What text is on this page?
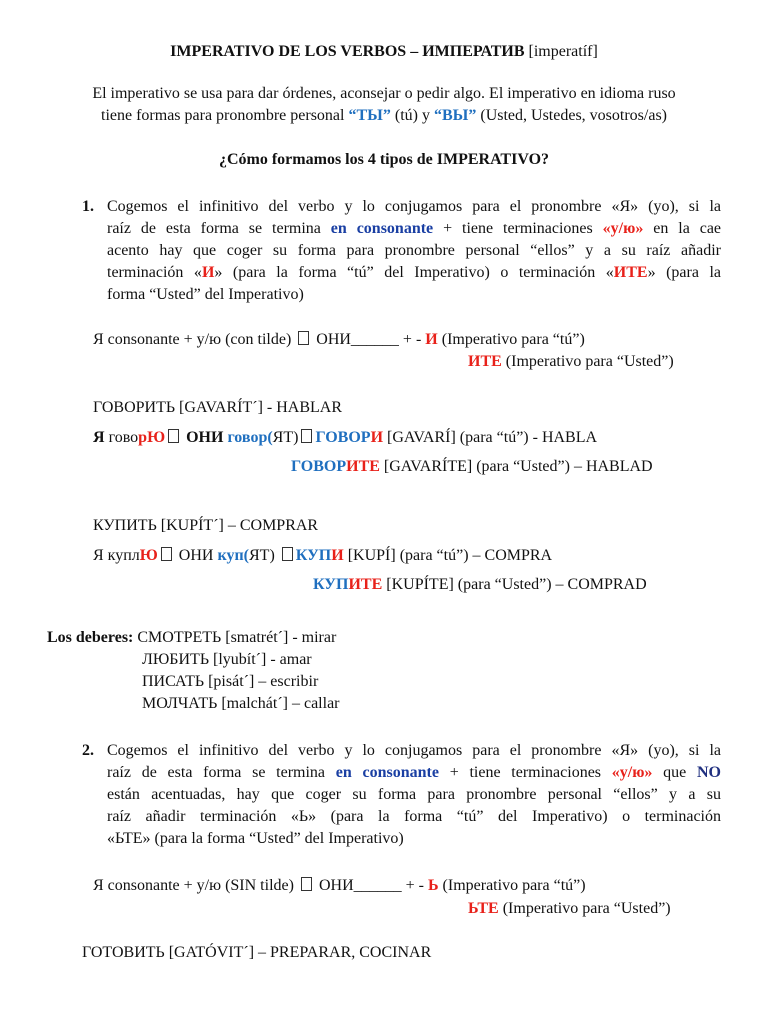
IMPERATIVO DE LOS VERBOS – ИМПЕРАТИВ [imperatíf]
El imperativo se usa para dar órdenes, aconsejar o pedir algo. El imperativo en idioma ruso
tiene formas para pronombre personal “ТЫ” (tú) y “ВЫ” (Usted, Ustedes, vosotros/as)
¿Cómo formamos los 4 tipos de IMPERATIVO?
1. Cogemos el infinitivo del verbo y lo conjugamos para el pronombre «Я» (yo), si la
raíz de esta forma se termina en consonante + tiene terminaciones «у/ю» en la cae
acento hay que coger su forma para pronombre personal “ellos” y a su raíz añadir
terminación «И» (para la forma “tú” del Imperativo) o terminación «ИТЕ» (para la
forma “Usted” del Imperativo)
Я consonante + у/ю (con tilde)  ОНИ______ + - И (Imperativo para “tú”)
ИТЕ (Imperativo para “Usted”)
ГОВОРИТЬ [GAVARÍТ´] - HABLAR
Я говорЮ ОНИ говор(ЯТ) ГОВОРИ [GAVARÍ] (para “tú”) - HABLA
ГОВОРИТЕ [GAVARÍTE] (para “Usted”) – HABLAD
КУПИТЬ [KUPÍТ´] – COMPRAR
Я куплЮ ОНИ куп(ЯТ) КУПИ [KUPÍ] (para “tú”) – COMPRA
КУПИТЕ [KUPÍTE] (para “Usted”) – COMPRAD
Los deberes: СМОТРЕТЬ [smatrét´] - mirar
ЛЮБИТЬ [lyubít´] - amar
ПИСАТЬ [pisát´] – escribir
МОЛЧАТЬ [malchát´] – callar
2. Cogemos el infinitivo del verbo y lo conjugamos para el pronombre «Я» (yo), si la
raíz de esta forma se termina en consonante + tiene terminaciones «у/ю» que NO
están acentuadas, hay que coger su forma para pronombre personal “ellos” y a su
raíz añadir terminación «Ь» (para la forma “tú” del Imperativo) o terminación
«ЬТЕ» (para la forma “Usted” del Imperativo)
Я consonante + у/ю (SIN tilde)  ОНИ______ + - Ь (Imperativo para “tú”)
ЬТЕ (Imperativo para “Usted”)
ГОТОВИТЬ [GATÓVIТ´] – PREPARAR, COCINAR
